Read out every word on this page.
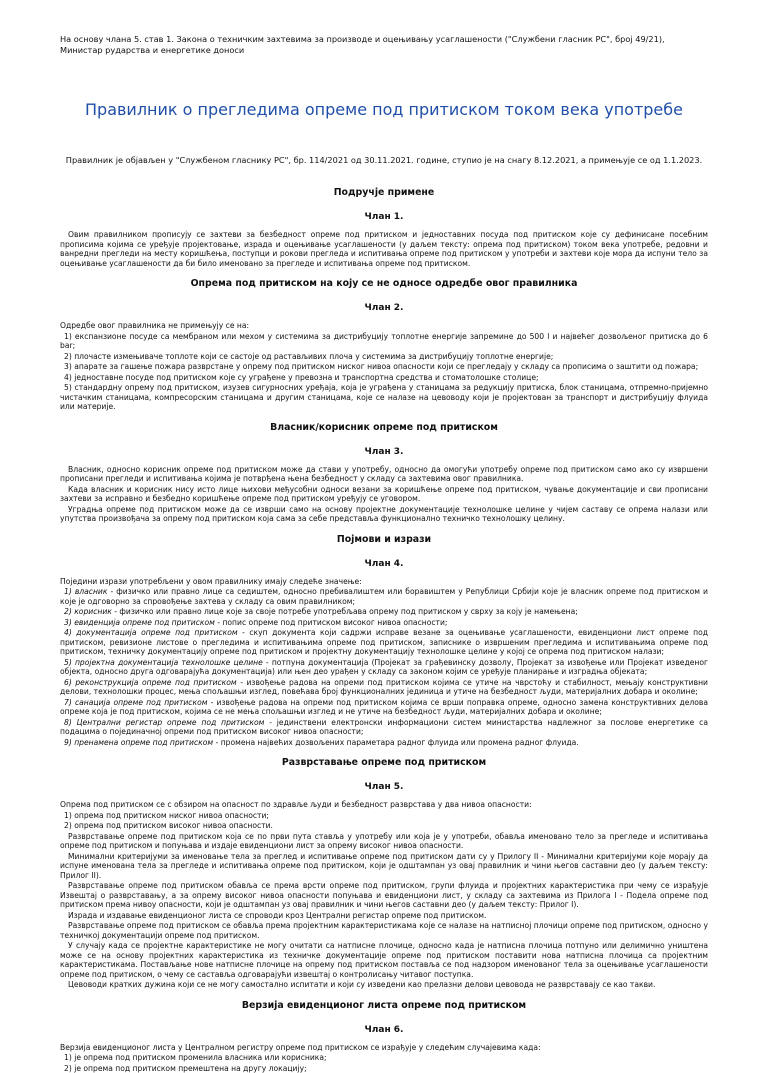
На основу члана 5. став 1. Закона о техничким захтевима за производе и оцењивању усаглашености ("Службени гласник РС", број 49/21),

Министар рударства и енергетике доноси

Правилник о прегледима опреме под притиском током века употребе

Правилник је објављен у "Службеном гласнику РС", бр. 114/2021 од 30.11.2021. године, ступио је на снагу 8.12.2021, а примењује се од 1.1.2023.

Подручје примене
Члан 1.

Овим правилником прописују се захтеви за безбедност опреме под притиском и једноставних посуда под притиском које су дефинисане посебним прописима којима се уређује пројектовање, израда и оцењивање усаглашености (у даљем тексту: опрема под притиском) током века употребе, редовни и ванредни прегледи на месту коришћења, поступци и рокови прегледа и испитивања опреме под притиском у употреби и захтеви које мора да испуни тело за оцењивање усаглашености да би било именовано за прегледе и испитивања опреме под притиском.

Опрема под притиском на коју се не односе одредбе овог правилника
Члан 2.

Одредбе овог правилника не примењују се на:

1) експанзионе посуде са мембраном или мехом у системима за дистрибуцију топлотне енергије запремине до 500 l и највећег дозвољеног притиска до 6 bar;

2) плочасте измењиваче топлоте који се састоје од растављивих плоча у системима за дистрибуцију топлотне енергије;

3) апарате за гашење пожара разврстане у опрему под притиском ниског нивоа опасности који се прегледају у складу са прописима о заштити од пожара;

4) једноставне посуде под притиском које су уграђене у превозна и транспортна средства и стоматолошке столице;

5) стандардну опрему под притиском, изузев сигурносних уређаја, која је уграђена у станицама за редукцију притиска, блок станицама, отпремно-пријемно чистачким станицама, компресорским станицама и другим станицама, које се налазе на цевоводу који је пројектован за транспорт и дистрибуцију флуида или материје.

Власник/корисник опреме под притиском
Члан 3.

Власник, односно корисник опреме под притиском може да стави у употребу, односно да омогући употребу опреме под притиском само ако су извршени прописани прегледи и испитивања којима је потврђена њена безбедност у складу са захтевима овог правилника.

Када власник и корисник нису исто лице њихови међусобни односи везани за коришћење опреме под притиском, чување документације и сви прописани захтеви за исправно и безбедно коришћење опреме под притиском уређују се уговором.

Уградња опреме под притиском може да се изврши само на основу пројектне документације технолошке целине у чијем саставу се опрема налази или упутства произвођача за опрему под притиском која сама за себе представља функционално техничко технолошку целину.

Појмови и изрази
Члан 4.

Поједини изрази употребљени у овом правилнику имају следеће значење:

1) власник - физичко или правно лице са седиштем, односно пребивалиштем или боравиштем у Републици Србији које је власник опреме под притиском и које је одговорно за спровођење захтева у складу са овим правилником;

2) корисник - физичко или правно лице које за своје потребе употребљава опрему под притиском у сврху за коју је намењена;

3) евиденција опреме под притиском - попис опреме под притиском високог нивоа опасности;

4) документација опреме под притиском - скуп документа који садржи исправе везане за оцењивање усаглашености, евиденциони лист опреме под притиском, ревизионе листове о прегледима и испитивањима опреме под притиском, записнике о извршеним прегледима и испитивањима опреме под притиском, техничку документацију опреме под притиском и пројектну документацију технолошке целине у којој се опрема под притиском налази;

5) пројектна документација технолошке целине - потпуна документација (Пројекат за грађевинску дозволу, Пројекат за извођење или Пројекат изведеног објекта, односно друга одговарајућа документација) или њен део урађен у складу са законом којим се уређује планирање и изградња објеката;

6) реконструкција опреме под притиском - извођење радова на опреми под притиском којима се утиче на чврстоћу и стабилност, мењају конструктивни делови, технолошки процес, мења спољашњи изглед, повећава број функционалних јединица и утиче на безбедност људи, материјалних добара и околине;

7) санација опреме под притиском - извођење радова на опреми под притиском којима се врши поправка опреме, односно замена конструктивних делова опреме која је под притиском, којима се не мења спољашњи изглед и не утиче на безбедност људи, материјалних добара и околине;

8) Централни регистар опреме под притиском - јединствени електронски информациони систем министарства надлежног за послове енергетике са подацима о појединачној опреми под притиском високог нивоа опасности;

9) пренамена опреме под притиском - промена највећих дозвољених параметара радног флуида или промена радног флуида.

Разврставање опреме под притиском
Члан 5.

Опрема под притиском се с обзиром на опасност по здравље људи и безбедност разврстава у два нивоа опасности:

1) опрема под притиском ниског нивоа опасности;

2) опрема под притиском високог нивоа опасности.

Разврставање опреме под притиском која се по први пута ставља у употребу или која је у употреби, обавља именовано тело за прегледе и испитивања опреме под притиском и попуњава и издаје евиденциони лист за опрему високог нивоа опасности.

Минимални критеријуми за именовање тела за преглед и испитивање опреме под притиском дати су у Прилогу II - Минимални критеријуми које морају да испуне именована тела за прегледе и испитивања опреме под притиском, који је одштампан уз овај правилник и чини његов саставни део (у даљем тексту: Прилог II).

Разврставање опреме под притиском обавља се према врсти опреме под притиском, групи флуида и пројектних карактеристика при чему се израђује Извештај о разврставању, а за опрему високог нивоа опасности попуњава и евиденциони лист, у складу са захтевима из Прилога I - Подела опреме под притиском према нивоу опасности, који је одштампан уз овај правилник и чини његов саставни део (у даљем тексту: Прилог I).

Израда и издавање евиденционог листа се спроводи кроз Централни регистар опреме под притиском.

Разврставање опреме под притиском се обавља према пројектним карактеристикама које се налазе на натписној плочици опреме под притиском, односно у техничкој документацији опреме под притиском.

У случају када се пројектне карактеристике не могу очитати са натписне плочице, односно када је натписна плочица потпуно или делимично уништена може се на основу пројектних карактеристика из техничке документације опреме под притиском поставити нова натписна плочица са пројектним карактеристикама. Постављање нове натписне плочице на опрему под притиском поставља се под надзором именованог тела за оцењивање усаглашености опреме под притиском, о чему се саставља одговарајући извештај о контролисању читавог поступка.

Цевоводи кратких дужина који се не могу самостално испитати и који су изведени као прелазни делови цевовода не разврставају се као такви.

Верзија евиденционог листа опреме под притиском
Члан 6.

Верзија евиденционог листа у Централном регистру опреме под притиском се израђује у следећим случајевима када:

1) је опрема под притиском променила власника или корисника;

2) је опрема под притиском премештена на другу локацију;
